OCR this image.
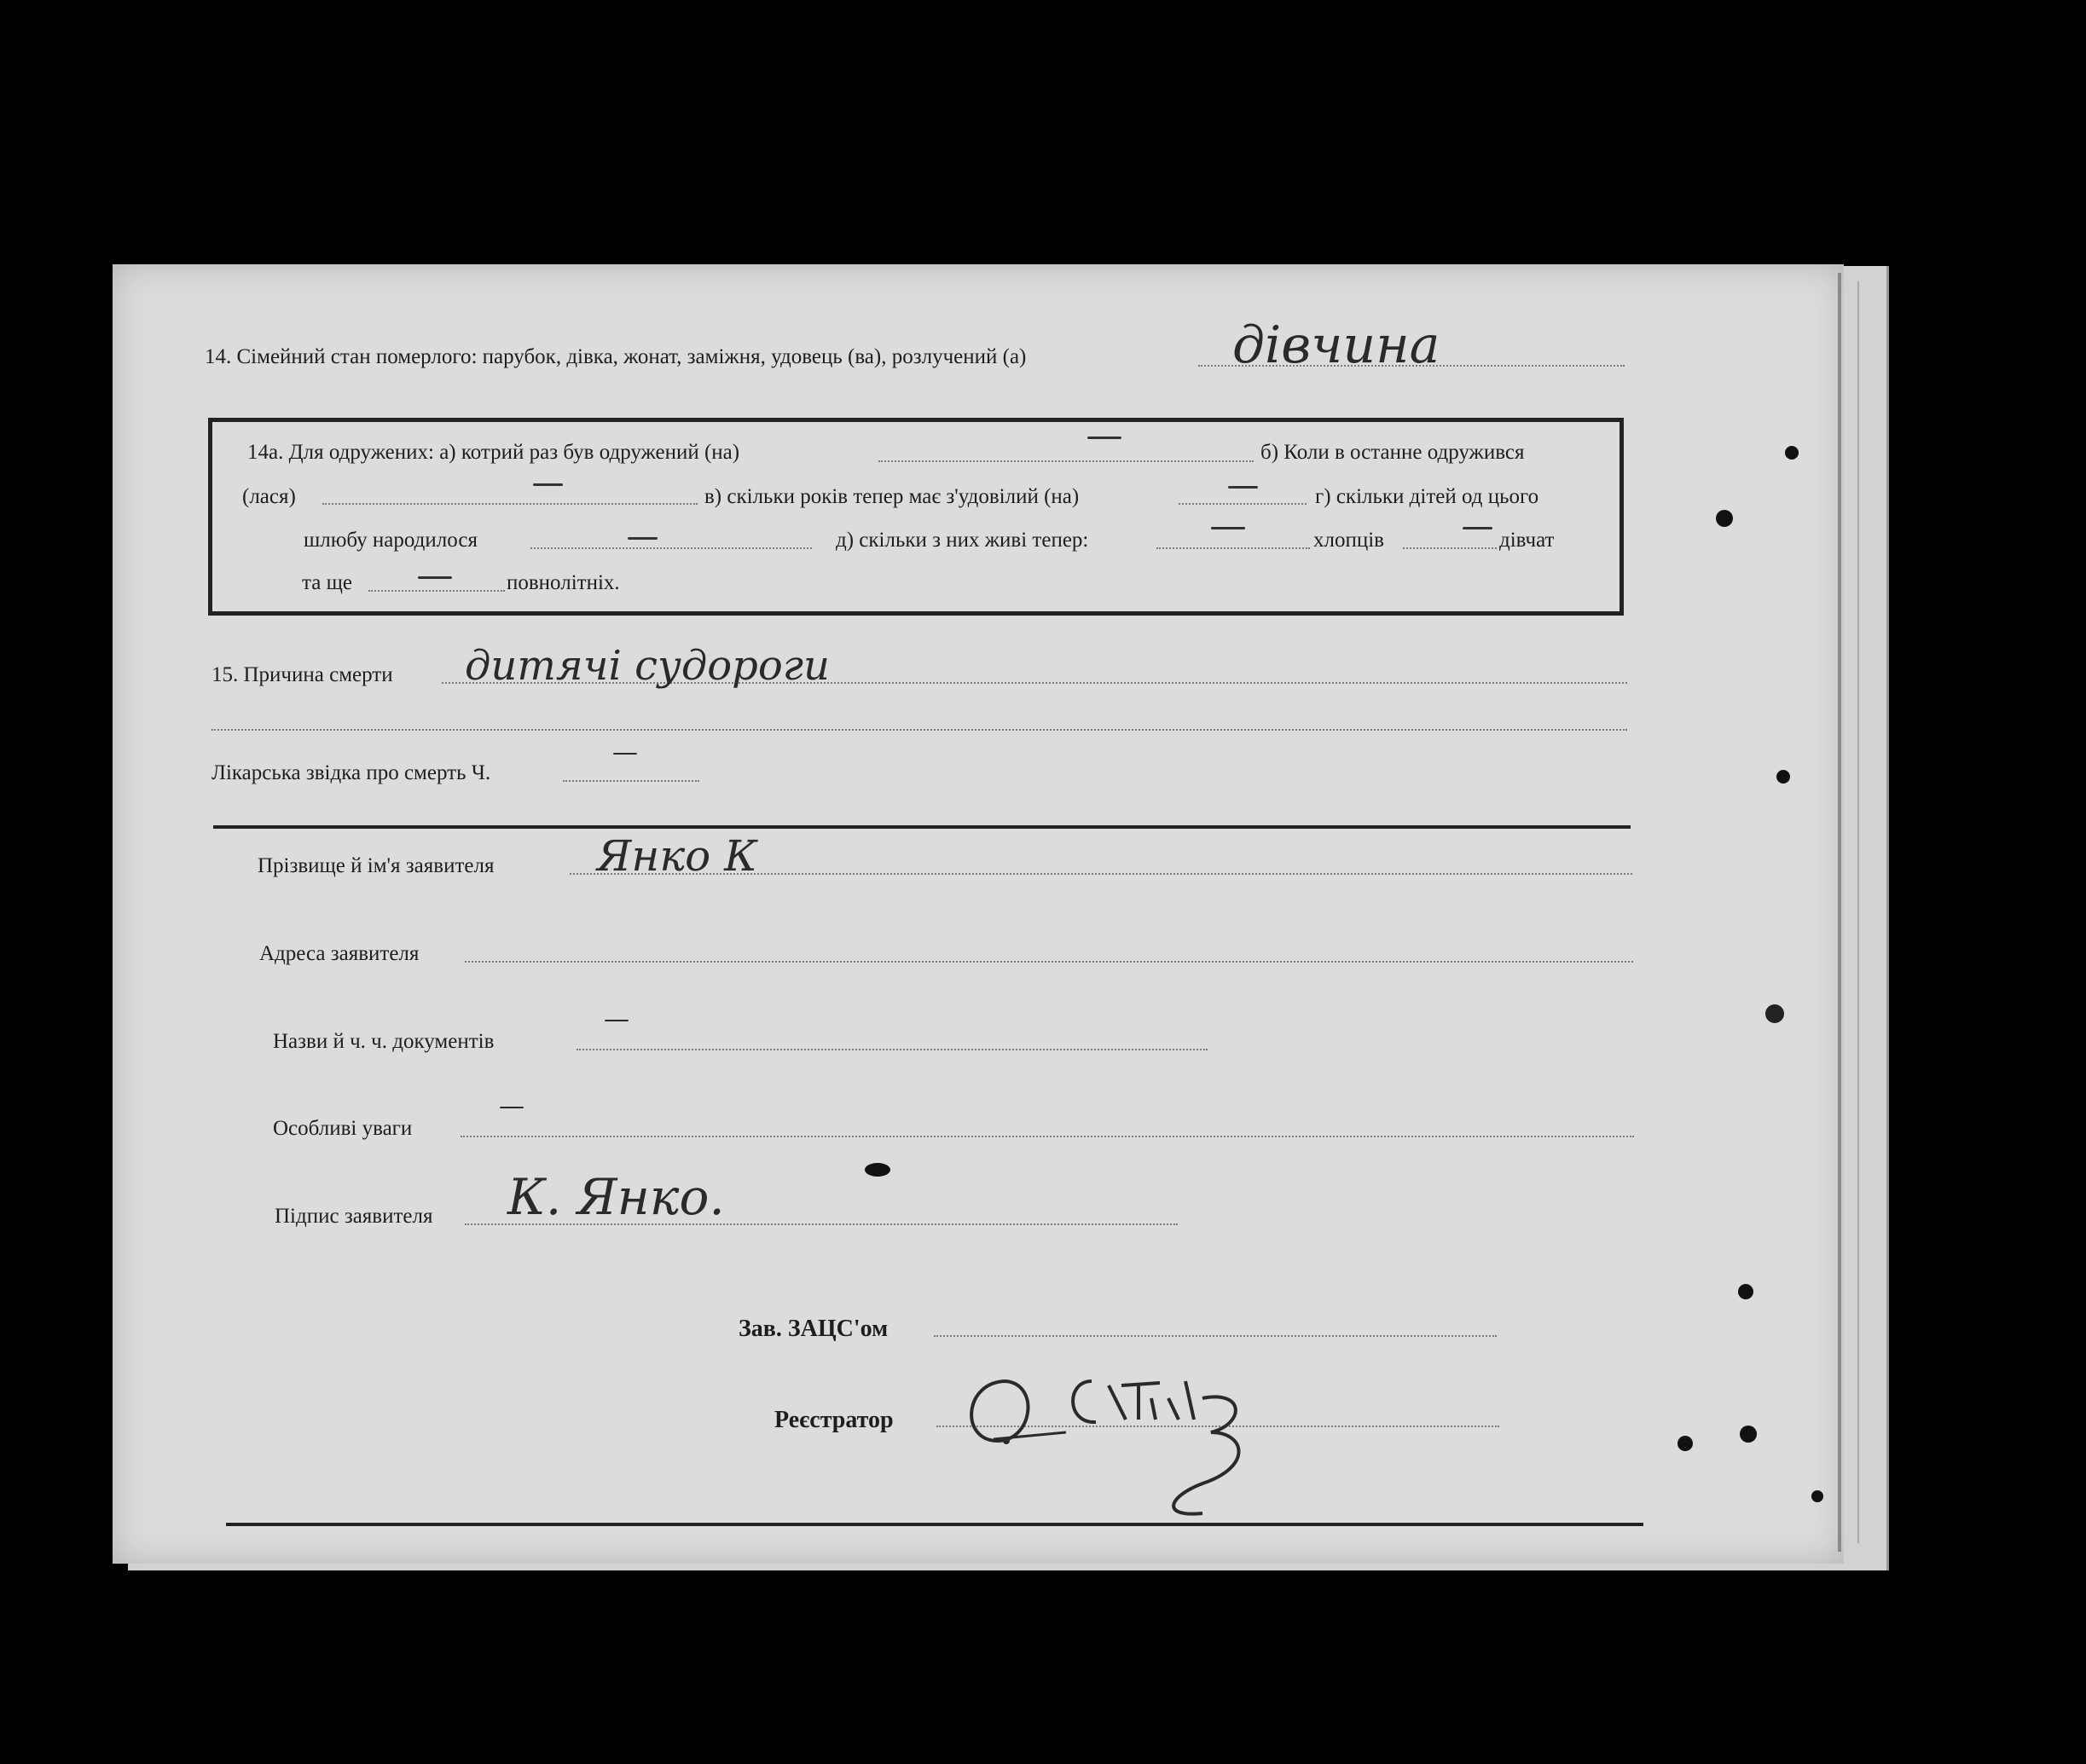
14. Сімейний стан померлого: парубок, дівка, жонат, заміжня, удовець (ва), розлучений (а)	дівчина
14а. Для одружених: а) котрий раз був одружений (на)	б) Коли в останне одружився
(лася)	в) скільки років тепер має з'удовілий (на)	г) скільки дітей од цього
шлюбу народилося	д) скільки з них живі тепер:	хлопців	дівчат
та ще	повнолітніх.
15. Причина смерти дитячі судороги
Лікарська звідка про смерть Ч.
—
Прізвище й ім'я заявителя Янко К
Адреса заявителя
Назви й ч. ч. документів
—
Особливі уваги
—
Підпис заявителя К. Янко.
Зав. ЗАЦС'ом
Реєстратор
